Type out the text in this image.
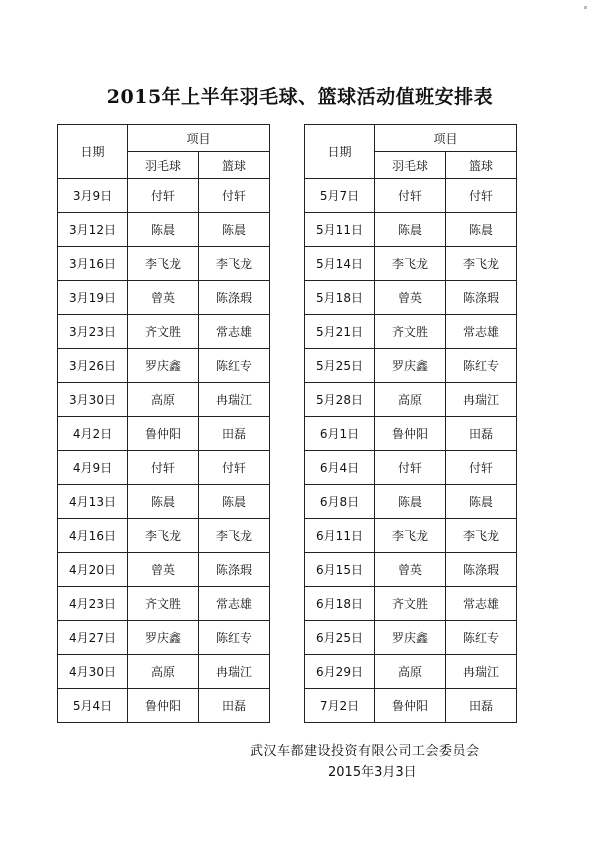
2015年上半年羽毛球、篮球活动值班安排表
日期	项目	
	羽毛球	篮球
3月9日	付轩	付轩
3月12日	陈晨	陈晨
3月16日	李飞龙	李飞龙
3月19日	曾英	陈涤瑕
3月23日	齐文胜	常志雄
3月26日	罗庆鑫	陈红专
3月30日	高原	冉瑞江
4月2日	鲁仲阳	田磊
4月9日	付轩	付轩
4月13日	陈晨	陈晨
4月16日	李飞龙	李飞龙
4月20日	曾英	陈涤瑕
4月23日	齐文胜	常志雄
4月27日	罗庆鑫	陈红专
4月30日	高原	冉瑞江
5月4日	鲁仲阳	田磊
日期	项目	
	羽毛球	篮球
5月7日	付轩	付轩
5月11日	陈晨	陈晨
5月14日	李飞龙	李飞龙
5月18日	曾英	陈涤瑕
5月21日	齐文胜	常志雄
5月25日	罗庆鑫	陈红专
5月28日	高原	冉瑞江
6月1日	鲁仲阳	田磊
6月4日	付轩	付轩
6月8日	陈晨	陈晨
6月11日	李飞龙	李飞龙
6月15日	曾英	陈涤瑕
6月18日	齐文胜	常志雄
6月25日	罗庆鑫	陈红专
6月29日	高原	冉瑞江
7月2日	鲁仲阳	田磊
武汉车都建设投资有限公司工会委员会
2015年3月3日
